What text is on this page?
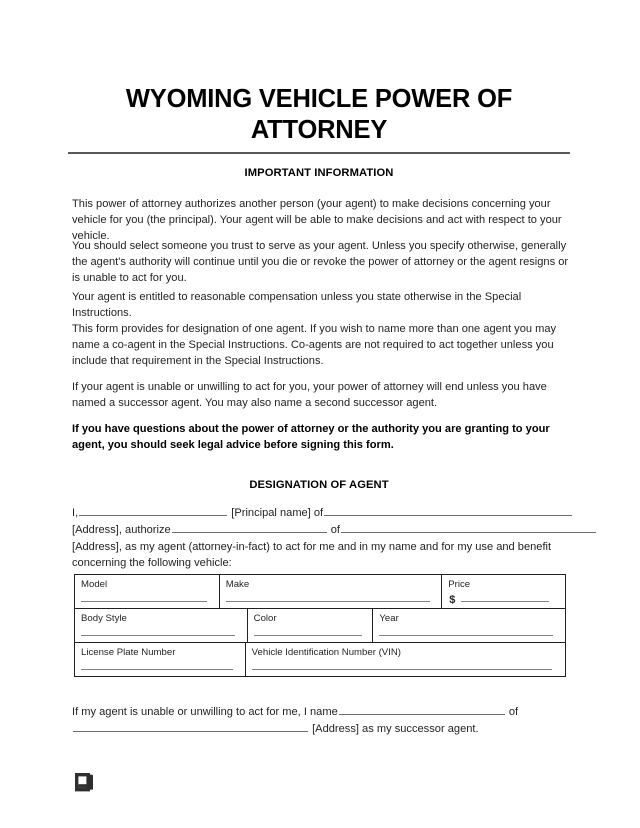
WYOMING VEHICLE POWER OF ATTORNEY
IMPORTANT INFORMATION
This power of attorney authorizes another person (your agent) to make decisions concerning your vehicle for you (the principal). Your agent will be able to make decisions and act with respect to your vehicle.
You should select someone you trust to serve as your agent. Unless you specify otherwise, generally the agent's authority will continue until you die or revoke the power of attorney or the agent resigns or is unable to act for you.
Your agent is entitled to reasonable compensation unless you state otherwise in the Special Instructions.
This form provides for designation of one agent. If you wish to name more than one agent you may name a co-agent in the Special Instructions. Co-agents are not required to act together unless you include that requirement in the Special Instructions.
If your agent is unable or unwilling to act for you, your power of attorney will end unless you have named a successor agent. You may also name a second successor agent.
If you have questions about the power of attorney or the authority you are granting to your agent, you should seek legal advice before signing this form.
DESIGNATION OF AGENT
I,	[Principal name] of
[Address], authorize	of
[Address], as my agent (attorney-in-fact) to act for me and in my name and for my use and benefit
concerning the following vehicle:
Model	Make	Price
$
Body Style	Color	Year
License Plate Number	Vehicle Identification Number (VIN)
If my agent is unable or unwilling to act for me, I name	of
[Address] as my successor agent.
